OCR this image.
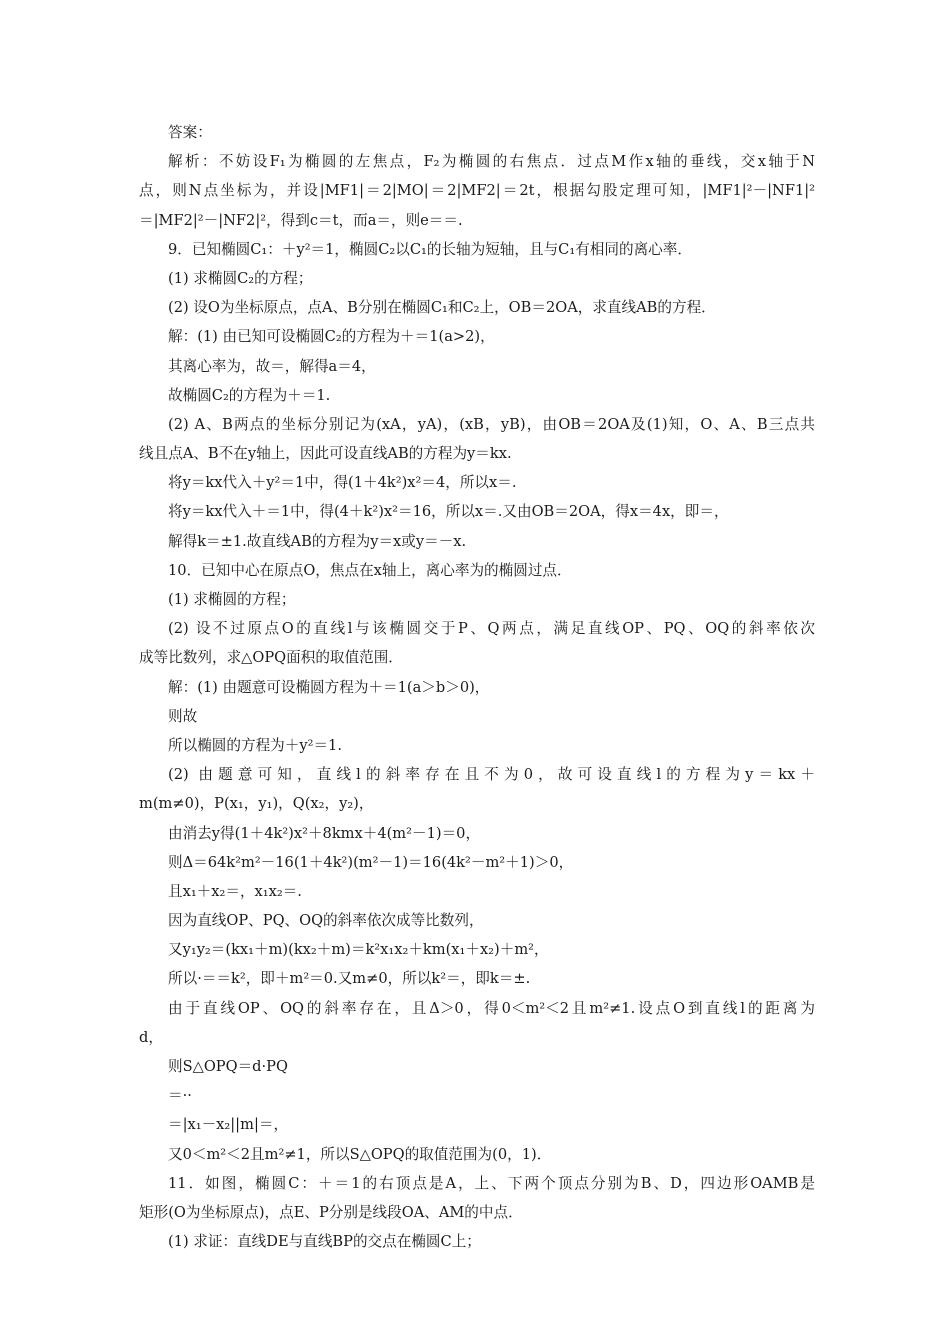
答案：
解析：不妨设F₁为椭圆的左焦点，F₂为椭圆的右焦点．过点M作x轴的垂线，交x轴于N
点，则N点坐标为，并设|MF1|＝2|MO|＝2|MF2|＝2t，根据勾股定理可知，|MF1|²－|NF1|²
＝|MF2|²－|NF2|²，得到c＝t，而a＝，则e＝＝.
9．已知椭圆C₁：＋y²＝1，椭圆C₂以C₁的长轴为短轴，且与C₁有相同的离心率．
(1) 求椭圆C₂的方程；
(2) 设O为坐标原点，点A、B分别在椭圆C₁和C₂上，OB＝2OA，求直线AB的方程．
解：(1) 由已知可设椭圆C₂的方程为＋＝1(a>2)，
其离心率为，故＝，解得a＝4，
故椭圆C₂的方程为＋＝1.
(2) A、B两点的坐标分别记为(xA，yA)，(xB，yB)，由OB＝2OA及(1)知，O、A、B三点共
线且点A、B不在y轴上，因此可设直线AB的方程为y＝kx.
将y＝kx代入＋y²＝1中，得(1＋4k²)x²＝4，所以x＝.
将y＝kx代入＋＝1中，得(4＋k²)x²＝16，所以x＝.又由OB＝2OA，得x＝4x，即＝，
解得k＝±1.故直线AB的方程为y＝x或y＝－x.
10．已知中心在原点O，焦点在x轴上，离心率为的椭圆过点．
(1) 求椭圆的方程；
(2) 设不过原点O的直线l与该椭圆交于P、Q两点，满足直线OP、PQ、OQ的斜率依次
成等比数列，求△OPQ面积的取值范围．
解：(1) 由题意可设椭圆方程为＋＝1(a＞b＞0)，
则故
所以椭圆的方程为＋y²＝1.
(2) 由题意可知，直线l的斜率存在且不为0，故可设直线l的方程为y＝kx＋
m(m≠0)，P(x₁，y₁)，Q(x₂，y₂)，
由消去y得(1＋4k²)x²＋8kmx＋4(m²－1)＝0，
则Δ＝64k²m²－16(1＋4k²)(m²－1)＝16(4k²－m²＋1)＞0，
且x₁＋x₂＝，x₁x₂＝.
因为直线OP、PQ、OQ的斜率依次成等比数列，
又y₁y₂＝(kx₁＋m)(kx₂＋m)＝k²x₁x₂＋km(x₁＋x₂)＋m²，
所以·＝＝k²，即＋m²＝0.又m≠0，所以k²＝，即k＝±.
由于直线OP、OQ的斜率存在，且Δ＞0，得0＜m²＜2且m²≠1.设点O到直线l的距离为
d，
则S△OPQ＝d·PQ
＝··
＝|x₁－x₂||m|＝，
又0＜m²＜2且m²≠1，所以S△OPQ的取值范围为(0，1)．
11．如图，椭圆C：＋＝1的右顶点是A，上、下两个顶点分别为B、D，四边形OAMB是
矩形(O为坐标原点)，点E、P分别是线段OA、AM的中点．
(1) 求证：直线DE与直线BP的交点在椭圆C上；
